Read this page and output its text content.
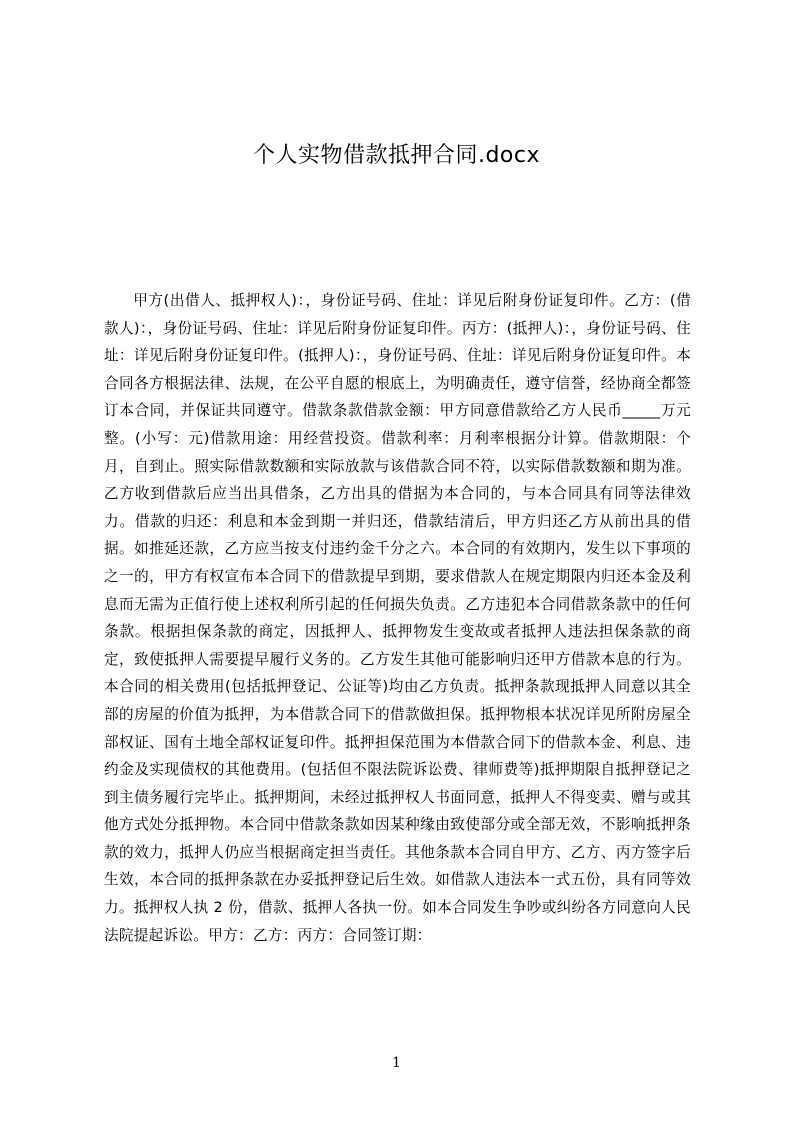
个人实物借款抵押合同.docx

甲方(出借人、抵押权人)：，身份证号码、住址：详见后附身份证复印件。乙方：(借款人)：，身份证号码、住址：详见后附身份证复印件。丙方：(抵押人)：，身份证号码、住址：详见后附身份证复印件。(抵押人)：，身份证号码、住址：详见后附身份证复印件。本合同各方根据法律、法规，在公平自愿的根底上，为明确责任，遵守信誉，经协商全都签订本合同，并保证共同遵守。借款条款借款金额：甲方同意借款给乙方人民币_____万元整。(小写：元)借款用途：用经营投资。借款利率：月利率根据分计算。借款期限：个月，自到止。照实际借款数额和实际放款与该借款合同不符，以实际借款数额和期为准。乙方收到借款后应当出具借条，乙方出具的借据为本合同的，与本合同具有同等法律效力。借款的归还：利息和本金到期一并归还，借款结清后，甲方归还乙方从前出具的借据。如推延还款，乙方应当按支付违约金千分之六。本合同的有效期内，发生以下事项的之一的，甲方有权宣布本合同下的借款提早到期，要求借款人在规定期限内归还本金及利息而无需为正值行使上述权利所引起的任何损失负责。乙方违犯本合同借款条款中的任何条款。根据担保条款的商定，因抵押人、抵押物发生变故或者抵押人违法担保条款的商定，致使抵押人需要提早履行义务的。乙方发生其他可能影响归还甲方借款本息的行为。本合同的相关费用(包括抵押登记、公证等)均由乙方负责。抵押条款现抵押人同意以其全部的房屋的价值为抵押，为本借款合同下的借款做担保。抵押物根本状况详见所附房屋全部权证、国有土地全部权证复印件。抵押担保范围为本借款合同下的借款本金、利息、违约金及实现债权的其他费用。(包括但不限法院诉讼费、律师费等)抵押期限自抵押登记之到主债务履行完毕止。抵押期间，未经过抵押权人书面同意，抵押人不得变卖、赠与或其他方式处分抵押物。本合同中借款条款如因某种缘由致使部分或全部无效，不影响抵押条款的效力，抵押人仍应当根据商定担当责任。其他条款本合同自甲方、乙方、丙方签字后生效，本合同的抵押条款在办妥抵押登记后生效。如借款人违法本一式五份，具有同等效力。抵押权人执 2 份，借款、抵押人各执一份。如本合同发生争吵或纠纷各方同意向人民法院提起诉讼。甲方：乙方：丙方：合同签订期：

1
